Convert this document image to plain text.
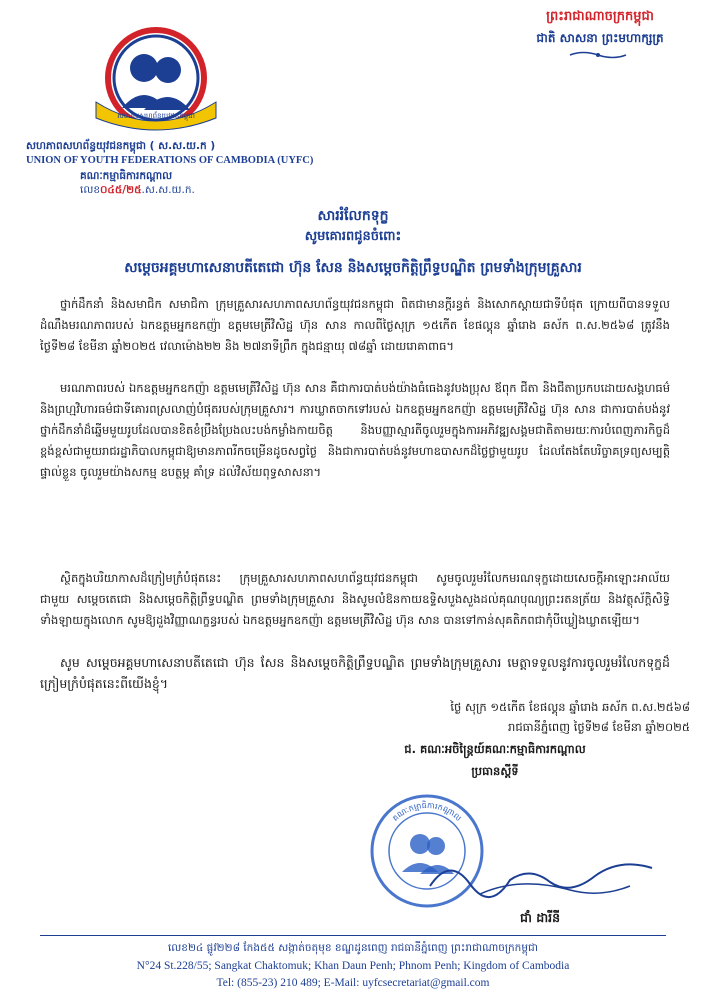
សមាគមសហព័ន្ធយុវជនកម្ពុជា
សហភាពសហព័ន្ធយុវជនកម្ពុជា ( ស.ស.យ.ក )
UNION OF YOUTH FEDERATIONS OF CAMBODIA (UYFC)
គណៈកម្មាធិការកណ្តាល
លេខ០៤៥/២៥.ស.ស.យ.ក.
ព្រះរាជាណាចក្រកម្ពុជា
ជាតិ សាសនា ព្រះមហាក្សត្រ
សាររំលែកទុក្ខ
សូមគោរពជូនចំពោះ
សម្តេចអគ្គមហាសេនាបតីតេជោ ហ៊ុន សែន និងសម្តេចកិត្តិព្រឹទ្ធបណ្ឌិត ព្រមទាំងក្រុមគ្រួសារ
ថ្នាក់ដឹកនាំ និងសមាជិក សមាជិកា ក្រុមគ្រួសារសហភាពសហព័ន្ធយុវជនកម្ពុជា ពិតជាមានក្តីរន្ធត់ និងសោកស្តាយជាទីបំផុត ក្រោយពីបានទទួលដំណឹងមរណភាពរបស់ ឯកឧត្តមអ្នកឧកញ៉ា ឧត្តមមេត្រីវិសិដ្ឋ ហ៊ុន សាន កាលពីថ្ងៃសុក្រ ១៥កើត ខែផល្គុន ឆ្នាំរោង ឆស័ក ព.ស.២៥៦៨ ត្រូវនឹងថ្ងៃទី២៨ ខែមីនា ឆ្នាំ២០២៥ វេលាម៉ោង២២ និង ២៧នាទីព្រឹក ក្នុងជន្មាយុ ៧៨ឆ្នាំ ដោយរោគាពាធ។
មរណភាពរបស់ ឯកឧត្តមអ្នកឧកញ៉ា ឧត្តមមេត្រីវិសិដ្ឋ ហ៊ុន សាន គឺជាការបាត់បង់យ៉ាងធំធេងនូវបងប្រុស ឪពុក ជីតា និងជីតាប្រកបដោយសង្គហធម៌ និងព្រហ្មវិហារធម៌ជាទីគោរពស្រលាញ់បំផុតរបស់ក្រុមគ្រួសារ។ ការឃ្លាតចាកទៅរបស់ ឯកឧត្តមអ្នកឧកញ៉ា ឧត្តមមេត្រីវិសិដ្ឋ ហ៊ុន សាន ជាការបាត់បង់នូវថ្នាក់ដឹកនាំដ៏ឆ្នើមមួយរូបដែលបានខិតខំប្រឹងប្រែងលះបង់កម្លាំងកាយចិត្ត និងបញ្ញាស្មារតីចូលរួមក្នុងការអភិវឌ្ឍសង្គមជាតិតាមរយៈការបំពេញភារកិច្ចដ៏ខ្ពង់ខ្ពស់ជាមួយរាជរដ្ឋាភិបាលកម្ពុជាឱ្យមានភាពរីកចម្រើនដូចសព្វថ្ងៃ និងជាការបាត់បង់នូវមហាឧបាសកដ៏ថ្លៃថ្លាមួយរូប ដែលតែងតែបរិច្ចាគទ្រព្យសម្បត្តិផ្ទាល់ខ្លួន ចូលរួមយ៉ាងសកម្ម ឧបត្ថម្ភ គាំទ្រ ដល់វិស័យពុទ្ធសាសនា។
ស្ថិតក្នុងបរិយាកាសដ៏ក្រៀមក្រំបំផុតនេះ ក្រុមគ្រួសារសហភាពសហព័ន្ធយុវជនកម្ពុជា សូមចូលរួមរំលែកមរណទុក្ខដោយសេចក្តីអាឡោះអាល័យជាមួយ សម្តេចតេជោ និងសម្តេចកិត្តិព្រឹទ្ធបណ្ឌិត ព្រមទាំងក្រុមគ្រួសារ និងសូមលំឱនកាយឧទ្ទិសបួងសួងដល់គុណបុណ្យព្រះរតនត្រ័យ និងវត្ថុស័ក្តិសិទ្ធិទាំងឡាយក្នុងលោក សូមឱ្យដួងវិញ្ញាណក្ខន្ធរបស់ ឯកឧត្តមអ្នកឧកញ៉ា ឧត្តមមេត្រីវិសិដ្ឋ ហ៊ុន សាន បានទៅកាន់សុគតិភពជាកុំបីឃ្លៀងឃ្លាតឡើយ។
សូម សម្តេចអគ្គមហាសេនាបតីតេជោ ហ៊ុន សែន និងសម្តេចកិត្តិព្រឹទ្ធបណ្ឌិត ព្រមទាំងក្រុមគ្រួសារ មេត្តាទទួលនូវការចូលរួមរំលែកទុក្ខដ៏ក្រៀមក្រំបំផុតនេះពីយើងខ្ញុំ។
ថ្ងៃ សុក្រ ១៥កើត ខែផល្គុន ឆ្នាំរោង ឆស័ក ព.ស.២៥៦៨
រាជធានីភ្នំពេញ ថ្ងៃទី២៨ ខែមីនា ឆ្នាំ២០២៥
ជ. គណៈអចិន្ត្រៃយ៍គណៈកម្មាធិការកណ្តាល
ប្រធានស្តីទី
គណៈកម្មាធិការកណ្តាល
ជាំ ដារីនី
លេខ២៤ ផ្លូវ២២៨ កែង៥៥ សង្កាត់ចតុមុខ ខណ្ឌដូនពេញ រាជធានីភ្នំពេញ ព្រះរាជាណាចក្រកម្ពុជា
N°24 St.228/55; Sangkat Chaktomuk; Khan Daun Penh; Phnom Penh; Kingdom of Cambodia
Tel: (855-23) 210 489; E-Mail: uyfcsecretariat@gmail.com
